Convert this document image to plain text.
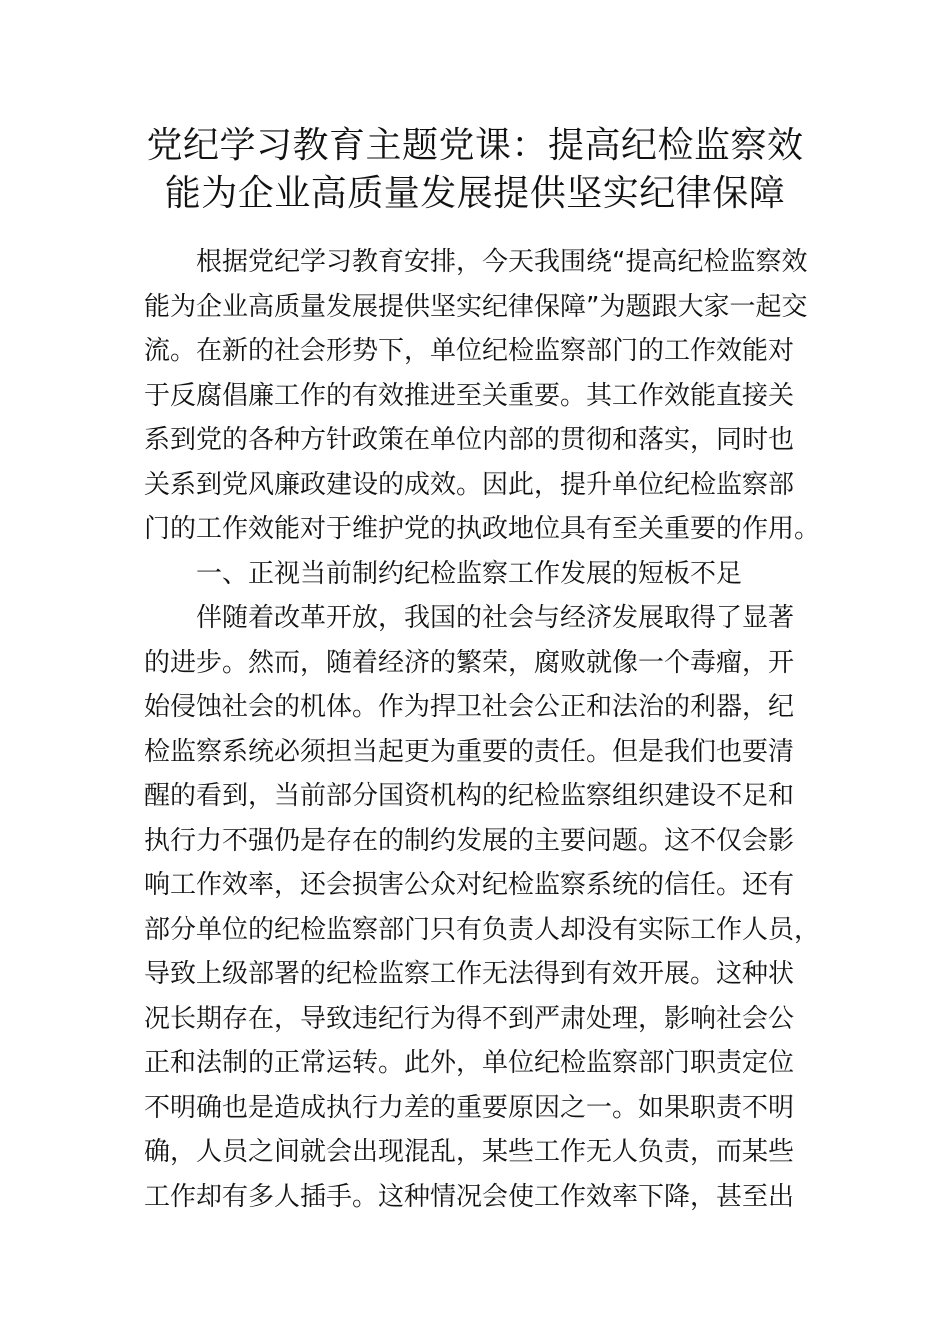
党纪学习教育主题党课：提高纪检监察效
能为企业高质量发展提供坚实纪律保障
根据党纪学习教育安排，今天我围绕“提高纪检监察效
能为企业高质量发展提供坚实纪律保障”为题跟大家一起交
流。在新的社会形势下，单位纪检监察部门的工作效能对
于反腐倡廉工作的有效推进至关重要。其工作效能直接关
系到党的各种方针政策在单位内部的贯彻和落实，同时也
关系到党风廉政建设的成效。因此，提升单位纪检监察部
门的工作效能对于维护党的执政地位具有至关重要的作用。
一、正视当前制约纪检监察工作发展的短板不足
伴随着改革开放，我国的社会与经济发展取得了显著
的进步。然而，随着经济的繁荣，腐败就像一个毒瘤，开
始侵蚀社会的机体。作为捍卫社会公正和法治的利器，纪
检监察系统必须担当起更为重要的责任。但是我们也要清
醒的看到，当前部分国资机构的纪检监察组织建设不足和
执行力不强仍是存在的制约发展的主要问题。这不仅会影
响工作效率，还会损害公众对纪检监察系统的信任。还有
部分单位的纪检监察部门只有负责人却没有实际工作人员，
导致上级部署的纪检监察工作无法得到有效开展。这种状
况长期存在，导致违纪行为得不到严肃处理，影响社会公
正和法制的正常运转。此外，单位纪检监察部门职责定位
不明确也是造成执行力差的重要原因之一。如果职责不明
确，人员之间就会出现混乱，某些工作无人负责，而某些
工作却有多人插手。这种情况会使工作效率下降，甚至出
